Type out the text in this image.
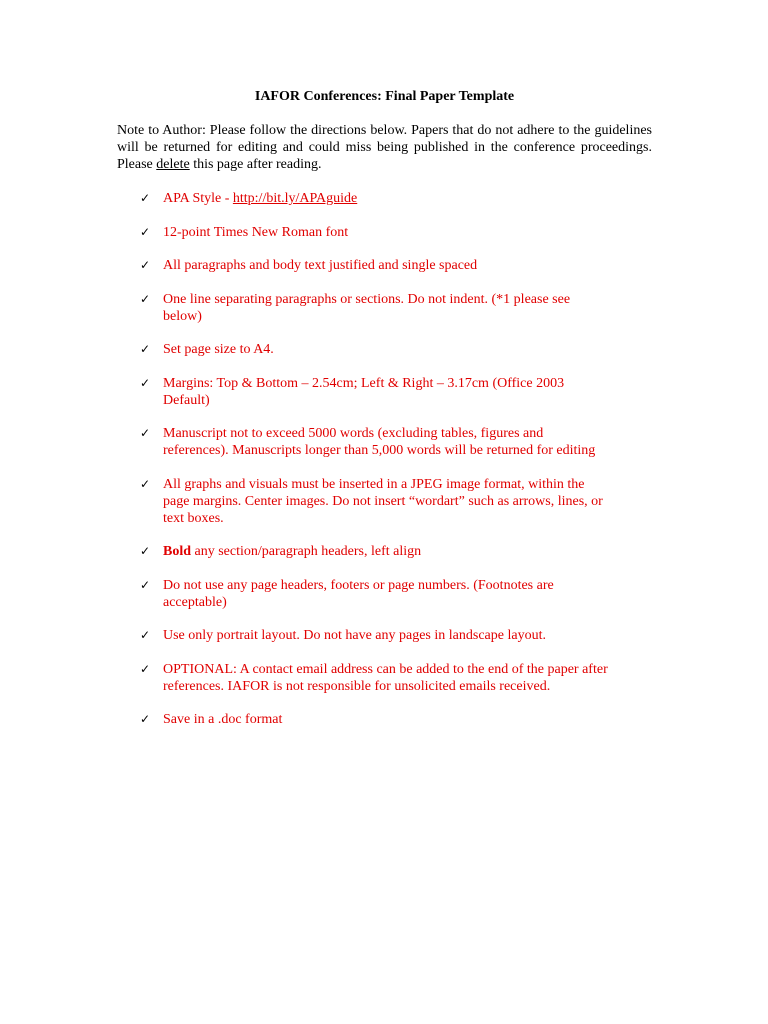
IAFOR Conferences: Final Paper Template

Note to Author: Please follow the directions below. Papers that do not adhere to the guidelines will be returned for editing and could miss being published in the conference proceedings. Please delete this page after reading.

✓ APA Style - http://bit.ly/APAguide
✓ 12-point Times New Roman font
✓ All paragraphs and body text justified and single spaced
✓ One line separating paragraphs or sections. Do not indent. (*1 please see below)
✓ Set page size to A4.
✓ Margins: Top & Bottom – 2.54cm; Left & Right – 3.17cm (Office 2003 Default)
✓ Manuscript not to exceed 5000 words (excluding tables, figures and references). Manuscripts longer than 5,000 words will be returned for editing
✓ All graphs and visuals must be inserted in a JPEG image format, within the page margins. Center images. Do not insert “wordart” such as arrows, lines, or text boxes.
✓ Bold any section/paragraph headers, left align
✓ Do not use any page headers, footers or page numbers. (Footnotes are acceptable)
✓ Use only portrait layout. Do not have any pages in landscape layout.
✓ OPTIONAL: A contact email address can be added to the end of the paper after references. IAFOR is not responsible for unsolicited emails received.
✓ Save in a .doc format
